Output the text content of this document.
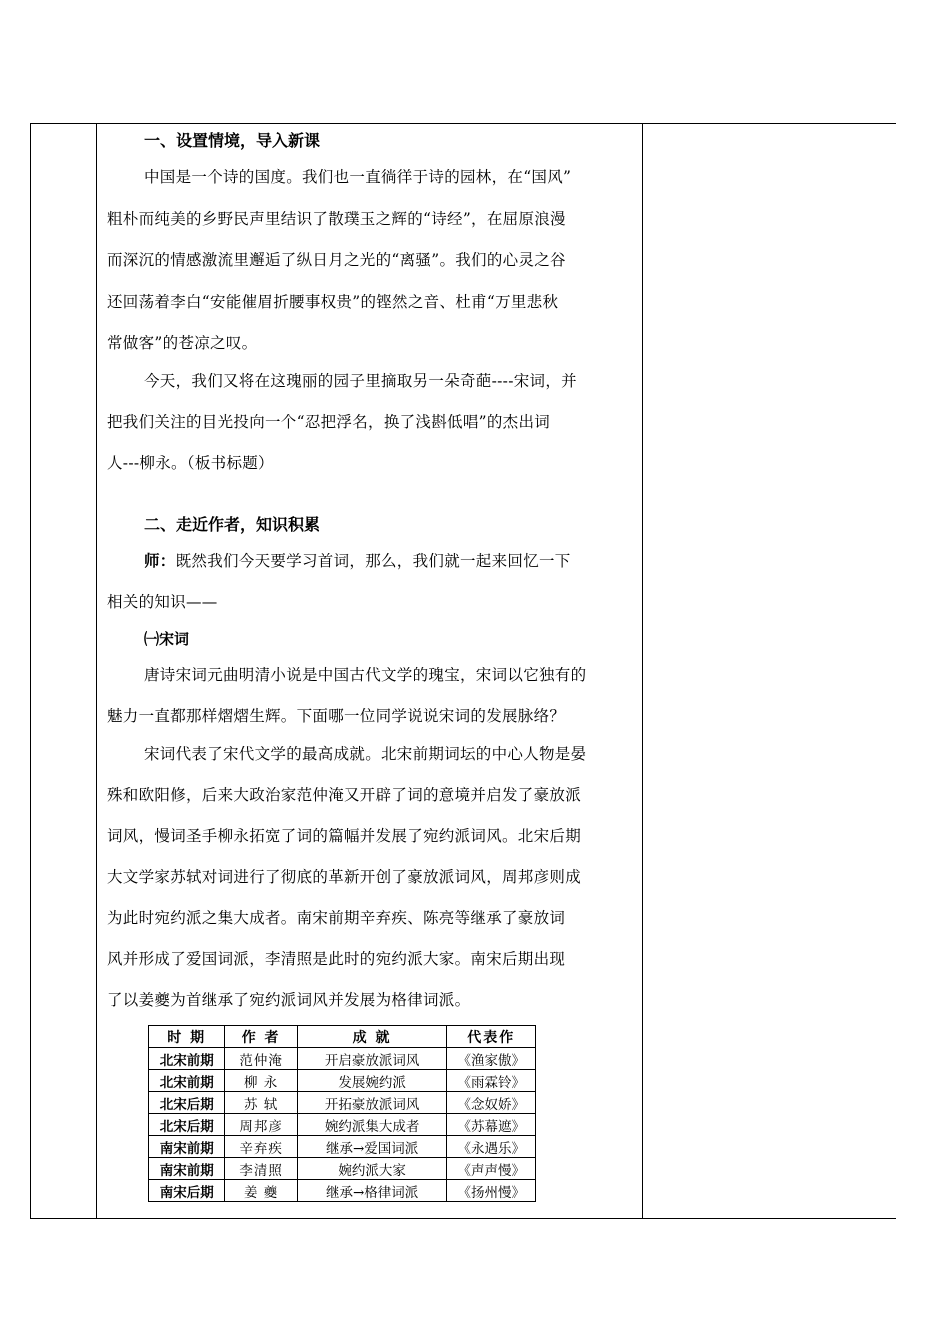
一、设置情境，导入新课
中国是一个诗的国度。我们也一直徜徉于诗的园林，在“国风”
粗朴而纯美的乡野民声里结识了散璞玉之辉的“诗经”，在屈原浪漫
而深沉的情感激流里邂逅了纵日月之光的“离骚”。我们的心灵之谷
还回荡着李白“安能催眉折腰事权贵”的铿然之音、杜甫“万里悲秋
常做客”的苍凉之叹。
今天，我们又将在这瑰丽的园子里摘取另一朵奇葩----宋词，并
把我们关注的目光投向一个“忍把浮名，换了浅斟低唱”的杰出词
人---柳永。（板书标题）
二、走近作者，知识积累
师：既然我们今天要学习首词，那么，我们就一起来回忆一下
相关的知识——
㈠宋词
唐诗宋词元曲明清小说是中国古代文学的瑰宝，宋词以它独有的
魅力一直都那样熠熠生辉。下面哪一位同学说说宋词的发展脉络？
宋词代表了宋代文学的最高成就。北宋前期词坛的中心人物是晏
殊和欧阳修，后来大政治家范仲淹又开辟了词的意境并启发了豪放派
词风，慢词圣手柳永拓宽了词的篇幅并发展了宛约派词风。北宋后期
大文学家苏轼对词进行了彻底的革新开创了豪放派词风，周邦彦则成
为此时宛约派之集大成者。南宋前期辛弃疾、陈亮等继承了豪放词
风并形成了爱国词派，李清照是此时的宛约派大家。南宋后期出现
了以姜夔为首继承了宛约派词风并发展为格律词派。
时 期	作 者	成 就	代表作
北宋前期	范仲淹	开启豪放派词风	《渔家傲》
北宋前期	柳 永	发展婉约派	《雨霖铃》
北宋后期	苏 轼	开拓豪放派词风	《念奴娇》
北宋后期	周邦彦	婉约派集大成者	《苏幕遮》
南宋前期	辛弃疾	继承→爱国词派	《永遇乐》
南宋前期	李清照	婉约派大家	《声声慢》
南宋后期	姜 夔	继承→格律词派	《扬州慢》
